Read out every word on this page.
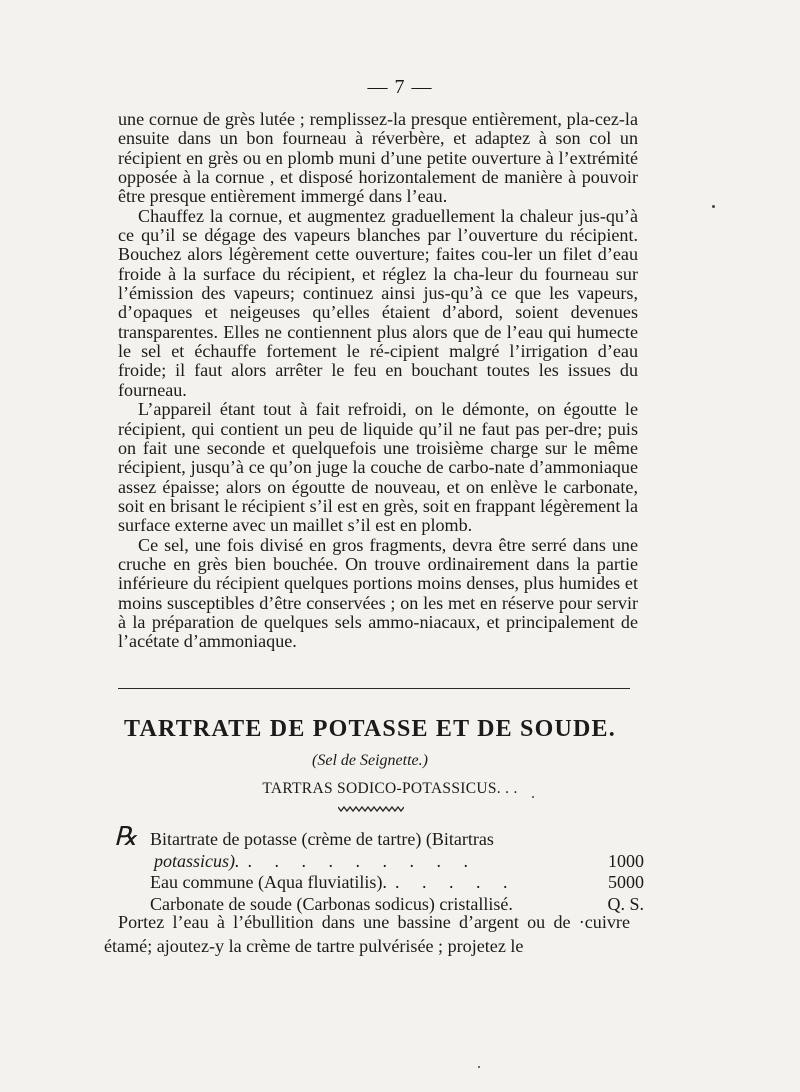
— 7 —

une cornue de grès lutée ; remplissez-la presque entièrement, pla-cez-la ensuite dans un bon fourneau à réverbère, et adaptez à son col un récipient en grès ou en plomb muni d’une petite ouverture à l’extrémité opposée à la cornue , et disposé horizontalement de manière à pouvoir être presque entièrement immergé dans l’eau.

Chauffez la cornue, et augmentez graduellement la chaleur jus-qu’à ce qu’il se dégage des vapeurs blanches par l’ouverture du récipient. Bouchez alors légèrement cette ouverture; faites cou-ler un filet d’eau froide à la surface du récipient, et réglez la cha-leur du fourneau sur l’émission des vapeurs; continuez ainsi jus-qu’à ce que les vapeurs, d’opaques et neigeuses qu’elles étaient d’abord, soient devenues transparentes. Elles ne contiennent plus alors que de l’eau qui humecte le sel et échauffe fortement le ré-cipient malgré l’irrigation d’eau froide; il faut alors arrêter le feu en bouchant toutes les issues du fourneau.

L’appareil étant tout à fait refroidi, on le démonte, on égoutte le récipient, qui contient un peu de liquide qu’il ne faut pas per-dre; puis on fait une seconde et quelquefois une troisième charge sur le même récipient, jusqu’à ce qu’on juge la couche de carbo-nate d’ammoniaque assez épaisse; alors on égoutte de nouveau, et on enlève le carbonate, soit en brisant le récipient s’il est en grès, soit en frappant légèrement la surface externe avec un maillet s’il est en plomb.

Ce sel, une fois divisé en gros fragments, devra être serré dans une cruche en grès bien bouchée. On trouve ordinairement dans la partie inférieure du récipient quelques portions moins denses, plus humides et moins susceptibles d’être conservées ; on les met en réserve pour servir à la préparation de quelques sels ammo-niacaux, et principalement de l’acétate d’ammoniaque.

TARTRATE DE POTASSE ET DE SOUDE.
(Sel de Seignette.)
TARTRAS SODICO-POTASSICUS. . .
℞ Bitartrate de potasse (crème de tartre) (Bitartras
potassicus). . . . . . . . . .	1000
Eau commune (Aqua fluviatilis). . . . . .	5000
Carbonate de soude (Carbonas sodicus) cristallisé.	Q. S.

Portez l’eau à l’ébullition dans une bassine d’argent ou de ·cuivre étamé; ajoutez-y la crème de tartre pulvérisée ; projetez le
